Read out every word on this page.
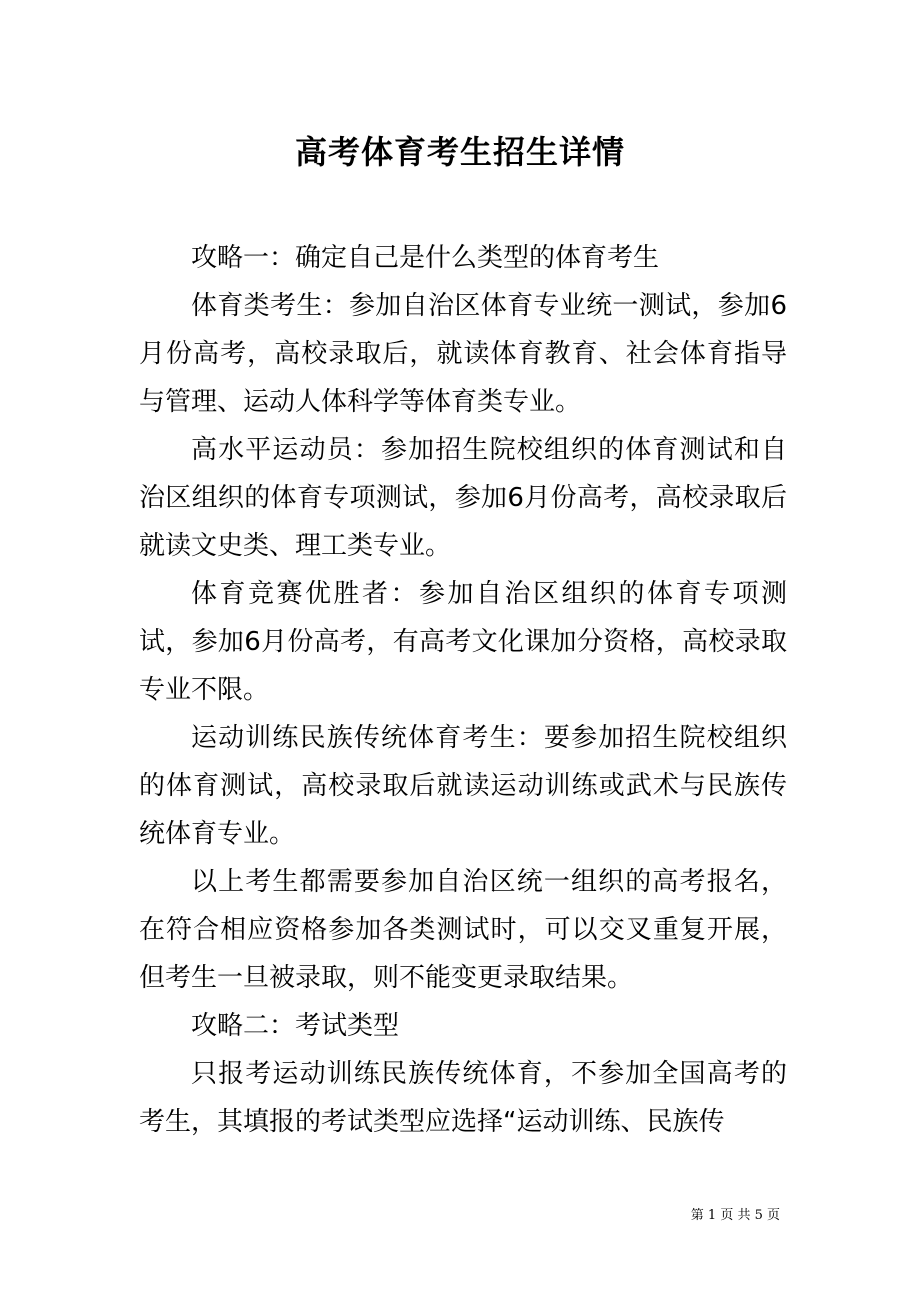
高考体育考生招生详情

攻略一：确定自己是什么类型的体育考生

体育类考生：参加自治区体育专业统一测试，参加6月份高考，高校录取后，就读体育教育、社会体育指导与管理、运动人体科学等体育类专业。

高水平运动员：参加招生院校组织的体育测试和自治区组织的体育专项测试，参加6月份高考，高校录取后就读文史类、理工类专业。

体育竞赛优胜者：参加自治区组织的体育专项测试，参加6月份高考，有高考文化课加分资格，高校录取专业不限。

运动训练民族传统体育考生：要参加招生院校组织的体育测试，高校录取后就读运动训练或武术与民族传统体育专业。

以上考生都需要参加自治区统一组织的高考报名，在符合相应资格参加各类测试时，可以交叉重复开展，但考生一旦被录取，则不能变更录取结果。

攻略二：考试类型

只报考运动训练民族传统体育，不参加全国高考的考生，其填报的考试类型应选择“运动训练、民族传

第 1 页 共 5 页
